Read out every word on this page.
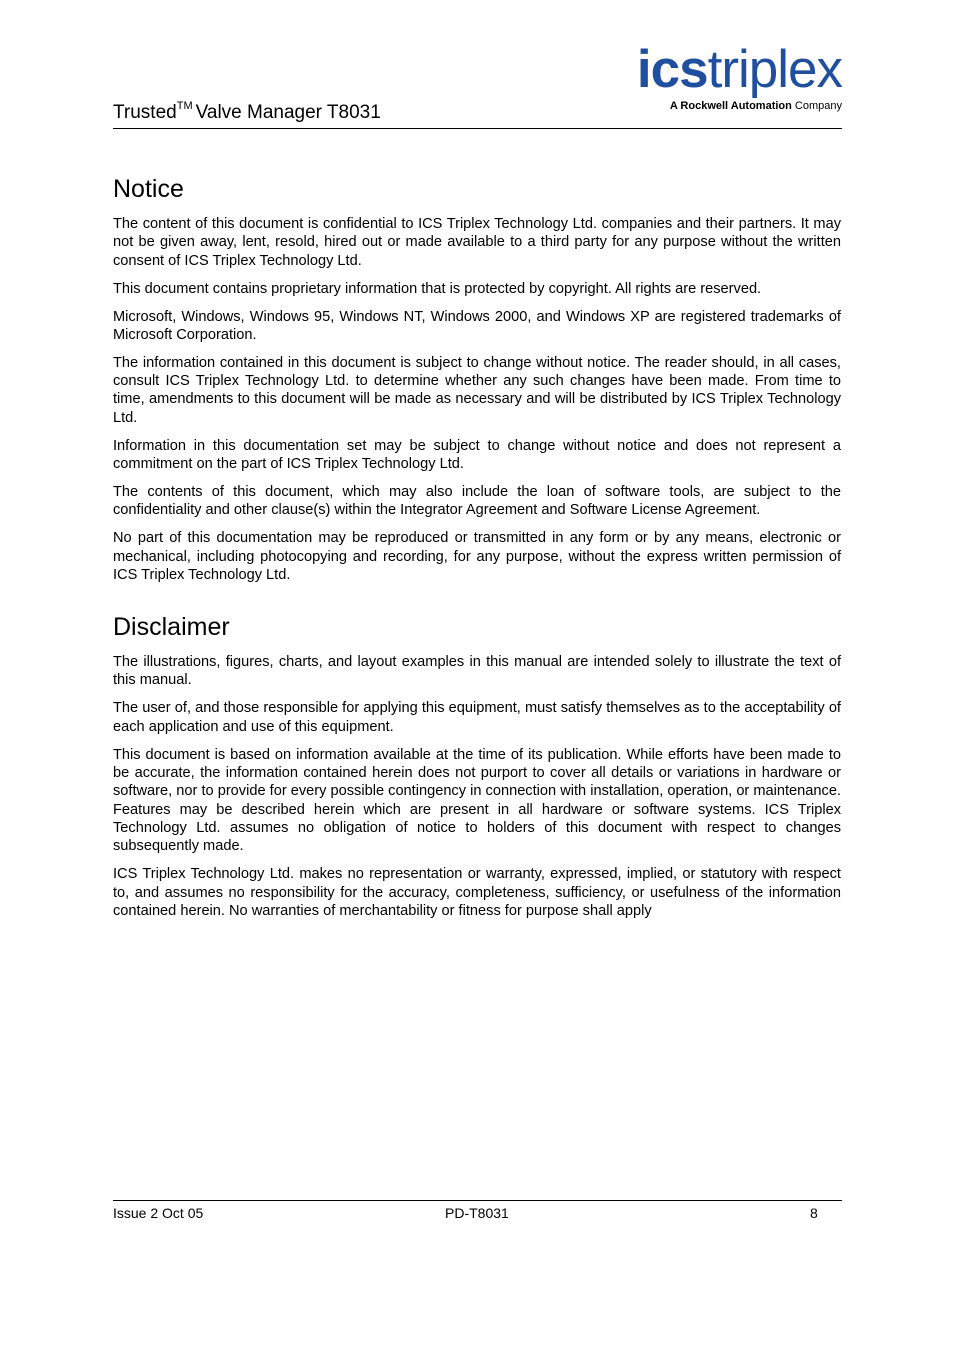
Trusted™ Valve Manager T8031
icstriplex
A Rockwell Automation Company
Notice

The content of this document is confidential to ICS Triplex Technology Ltd. companies and their partners. It may not be given away, lent, resold, hired out or made available to a third party for any purpose without the written consent of ICS Triplex Technology Ltd.

This document contains proprietary information that is protected by copyright. All rights are reserved.

Microsoft, Windows, Windows 95, Windows NT, Windows 2000, and Windows XP are registered trademarks of Microsoft Corporation.

The information contained in this document is subject to change without notice. The reader should, in all cases, consult ICS Triplex Technology Ltd. to determine whether any such changes have been made. From time to time, amendments to this document will be made as necessary and will be distributed by ICS Triplex Technology Ltd.

Information in this documentation set may be subject to change without notice and does not represent a commitment on the part of ICS Triplex Technology Ltd.

The contents of this document, which may also include the loan of software tools, are subject to the confidentiality and other clause(s) within the Integrator Agreement and Software License Agreement.

No part of this documentation may be reproduced or transmitted in any form or by any means, electronic or mechanical, including photocopying and recording, for any purpose, without the express written permission of ICS Triplex Technology Ltd.

Disclaimer

The illustrations, figures, charts, and layout examples in this manual are intended solely to illustrate the text of this manual.

The user of, and those responsible for applying this equipment, must satisfy themselves as to the acceptability of each application and use of this equipment.

This document is based on information available at the time of its publication. While efforts have been made to be accurate, the information contained herein does not purport to cover all details or variations in hardware or software, nor to provide for every possible contingency in connection with installation, operation, or maintenance. Features may be described herein which are present in all hardware or software systems. ICS Triplex Technology Ltd. assumes no obligation of notice to holders of this document with respect to changes subsequently made.

ICS Triplex Technology Ltd. makes no representation or warranty, expressed, implied, or statutory with respect to, and assumes no responsibility for the accuracy, completeness, sufficiency, or usefulness of the information contained herein. No warranties of merchantability or fitness for purpose shall apply

Issue 2 Oct 05	PD-T8031	8
